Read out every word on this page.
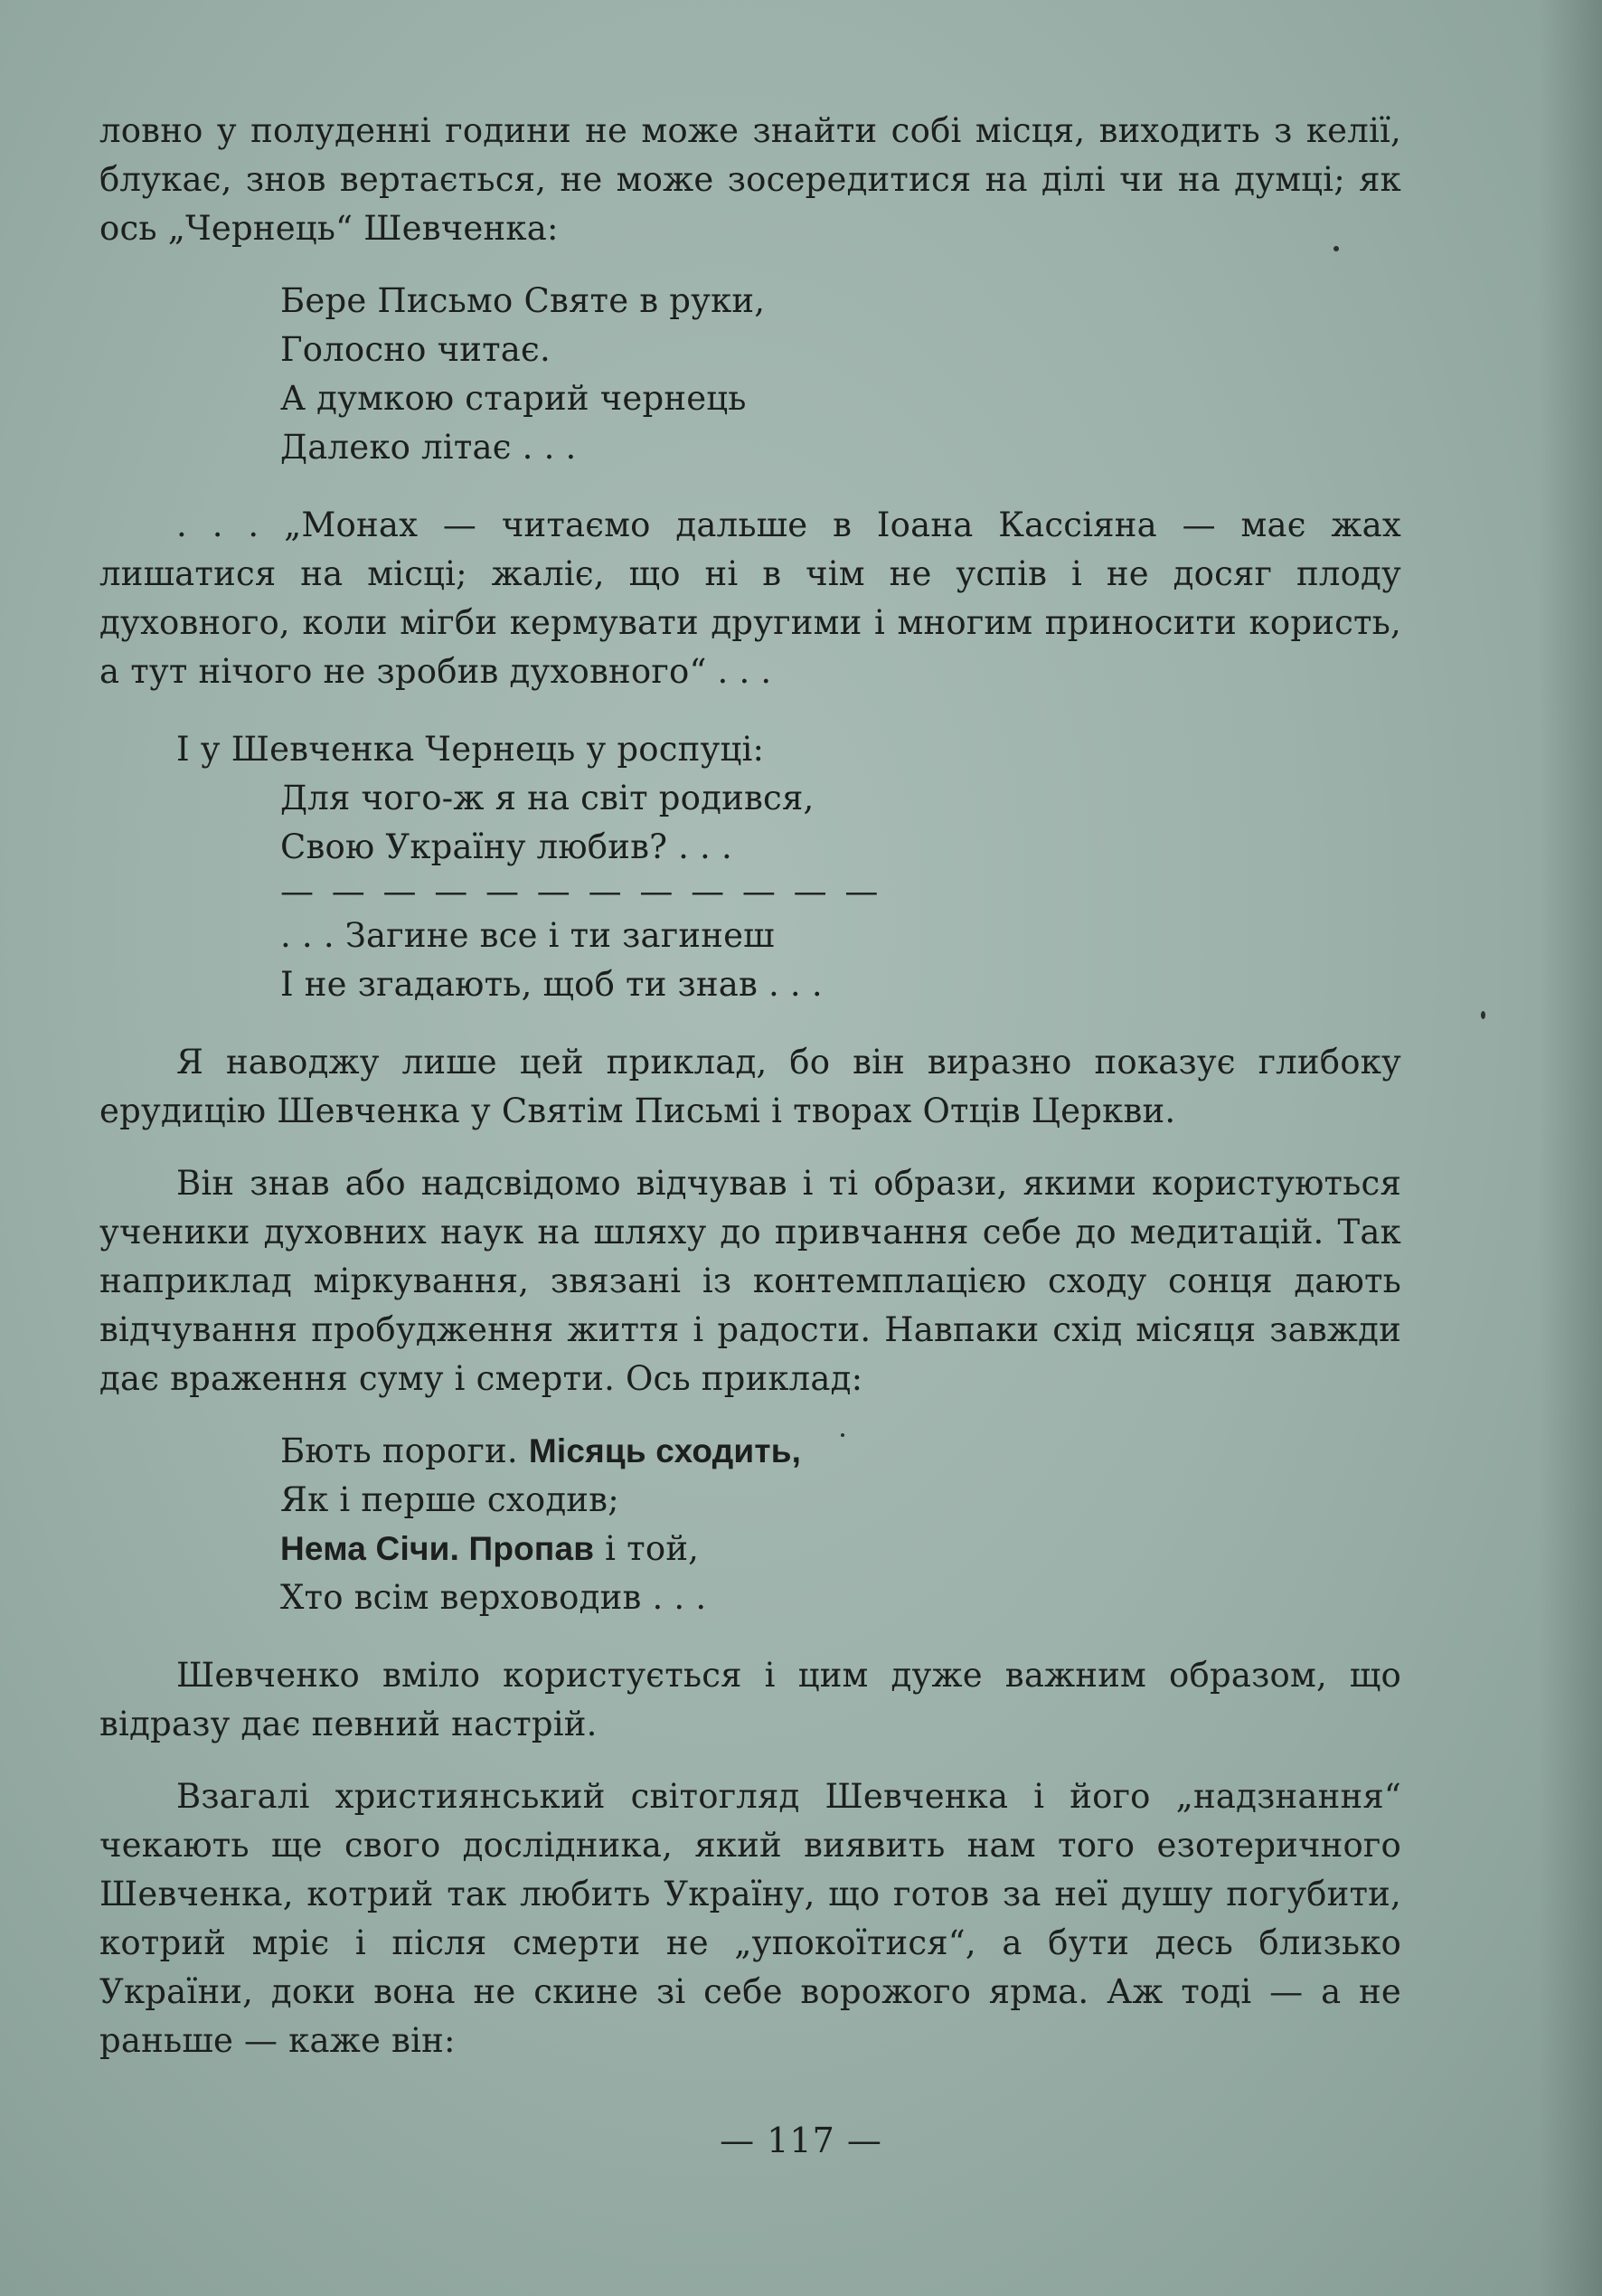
ловно у полуденні години не може знайти собі місця, виходить з келії, блукає, знов вертається, не може зосередитися на ділі чи на думці; як ось „Чернець“ Шевченка:

Бере Письмо Святе в руки,
Голосно читає.
А думкою старий чернець
Далеко літає . . .

. . . „Монах — читаємо дальше в Іоана Кассіяна — має жах лишатися на місці; жаліє, що ні в чім не успів і не досяг плоду духовного, коли мігби кермувати другими і многим приносити користь, а тут нічого не зробив духовного“ . . .

І у Шевченка Чернець у роспуці:

Для чого-ж я на світ родився,
Свою Україну любив? . . .
— — — — — — — — — — — —
. . . Загине все і ти загинеш
І не згадають, щоб ти знав . . .

Я наводжу лише цей приклад, бо він виразно показує глибоку ерудицію Шевченка у Святім Письмі і творах Отців Церкви.

Він знав або надсвідомо відчував і ті образи, якими користуються ученики духовних наук на шляху до привчання себе до медитацій. Так наприклад міркування, звязані із контемплацією сходу сонця дають відчування пробудження життя і радости. Навпаки схід місяця завжди дає враження суму і смерти. Ось приклад:

Бють пороги. Місяць сходить,
Як і перше сходив;
Нема Січи. Пропав і той,
Хто всім верховодив . . .

Шевченко вміло користується і цим дуже важним образом, що відразу дає певний настрій.

Взагалі християнський світогляд Шевченка і його „надзнання“ чекають ще свого дослідника, який виявить нам того езотеричного Шевченка, котрий так любить Україну, що готов за неї душу погубити, котрий мріє і після смерти не „упокоїтися“, а бути десь близько України, доки вона не скине зі себе ворожого ярма. Аж тоді — а не раньше — каже він:

— 117 —
